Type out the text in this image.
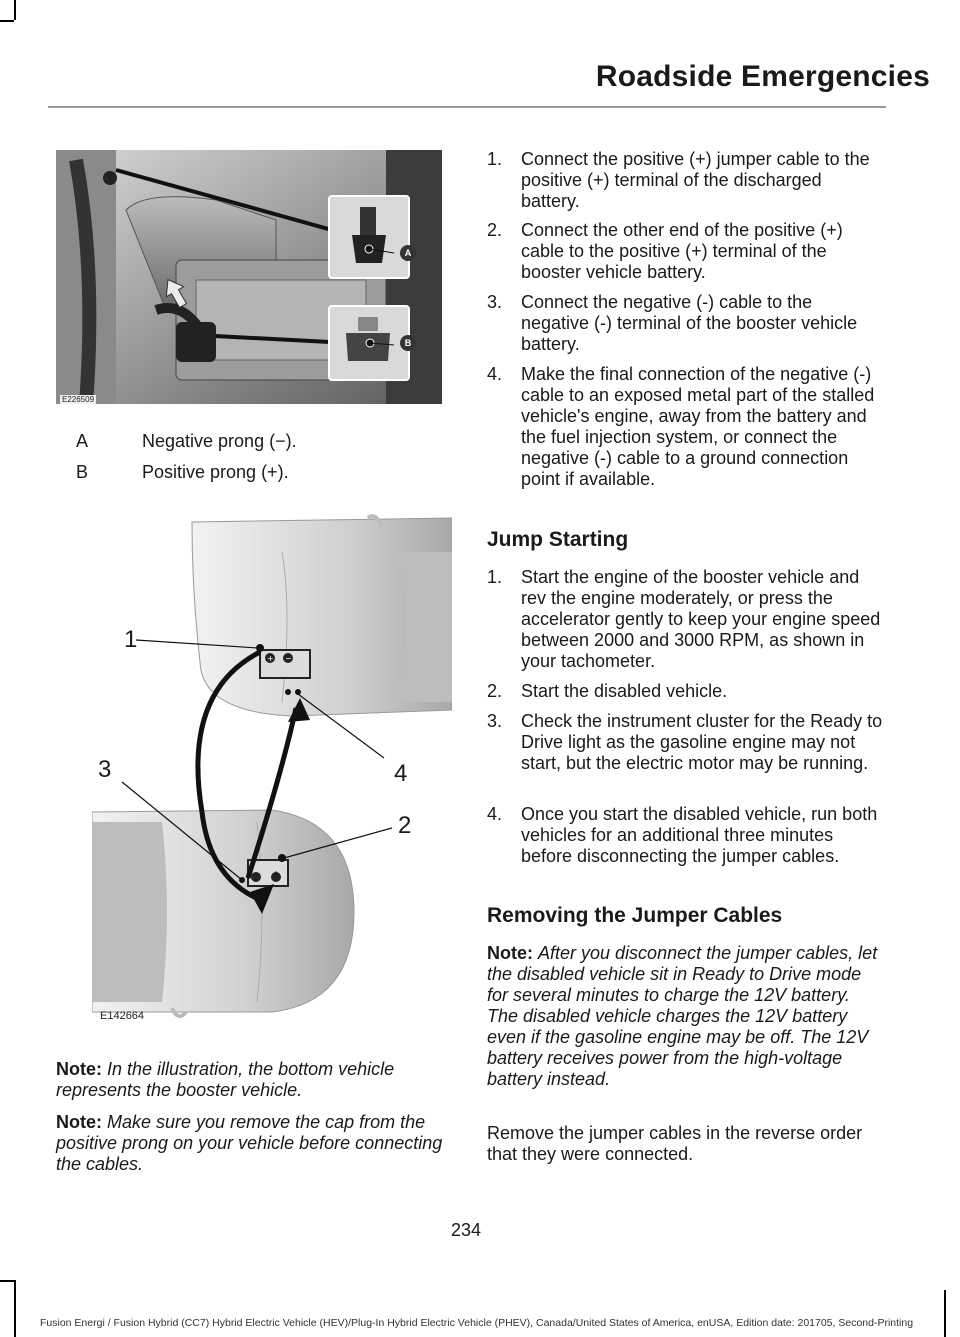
Roadside Emergencies
A
B
E226509
A	Negative prong (−).
B	Positive prong (+).
+ −
1
4
3
2
+
−
E142664
Note: In the illustration, the bottom vehicle represents the booster vehicle.
Note: Make sure you remove the cap from the positive prong on your vehicle before connecting the cables.
1. Connect the positive (+) jumper cable to the positive (+) terminal of the discharged battery.
2. Connect the other end of the positive (+) cable to the positive (+) terminal of the booster vehicle battery.
3. Connect the negative (-) cable to the negative (-) terminal of the booster vehicle battery.
4. Make the final connection of the negative (-) cable to an exposed metal part of the stalled vehicle's engine, away from the battery and the fuel injection system, or connect the negative (-) cable to a ground connection point if available.
Jump Starting
1. Start the engine of the booster vehicle and rev the engine moderately, or press the accelerator gently to keep your engine speed between 2000 and 3000 RPM, as shown in your tachometer.
2. Start the disabled vehicle.
3. Check the instrument cluster for the Ready to Drive light as the gasoline engine may not start, but the electric motor may be running.
4. Once you start the disabled vehicle, run both vehicles for an additional three minutes before disconnecting the jumper cables.
Removing the Jumper Cables
Note: After you disconnect the jumper cables, let the disabled vehicle sit in Ready to Drive mode for several minutes to charge the 12V battery. The disabled vehicle charges the 12V battery even if the gasoline engine may be off. The 12V battery receives power from the high-voltage battery instead.
Remove the jumper cables in the reverse order that they were connected.
234
Fusion Energi / Fusion Hybrid (CC7) Hybrid Electric Vehicle (HEV)/Plug-In Hybrid Electric Vehicle (PHEV), Canada/United States of America, enUSA, Edition date: 201705, Second-Printing
